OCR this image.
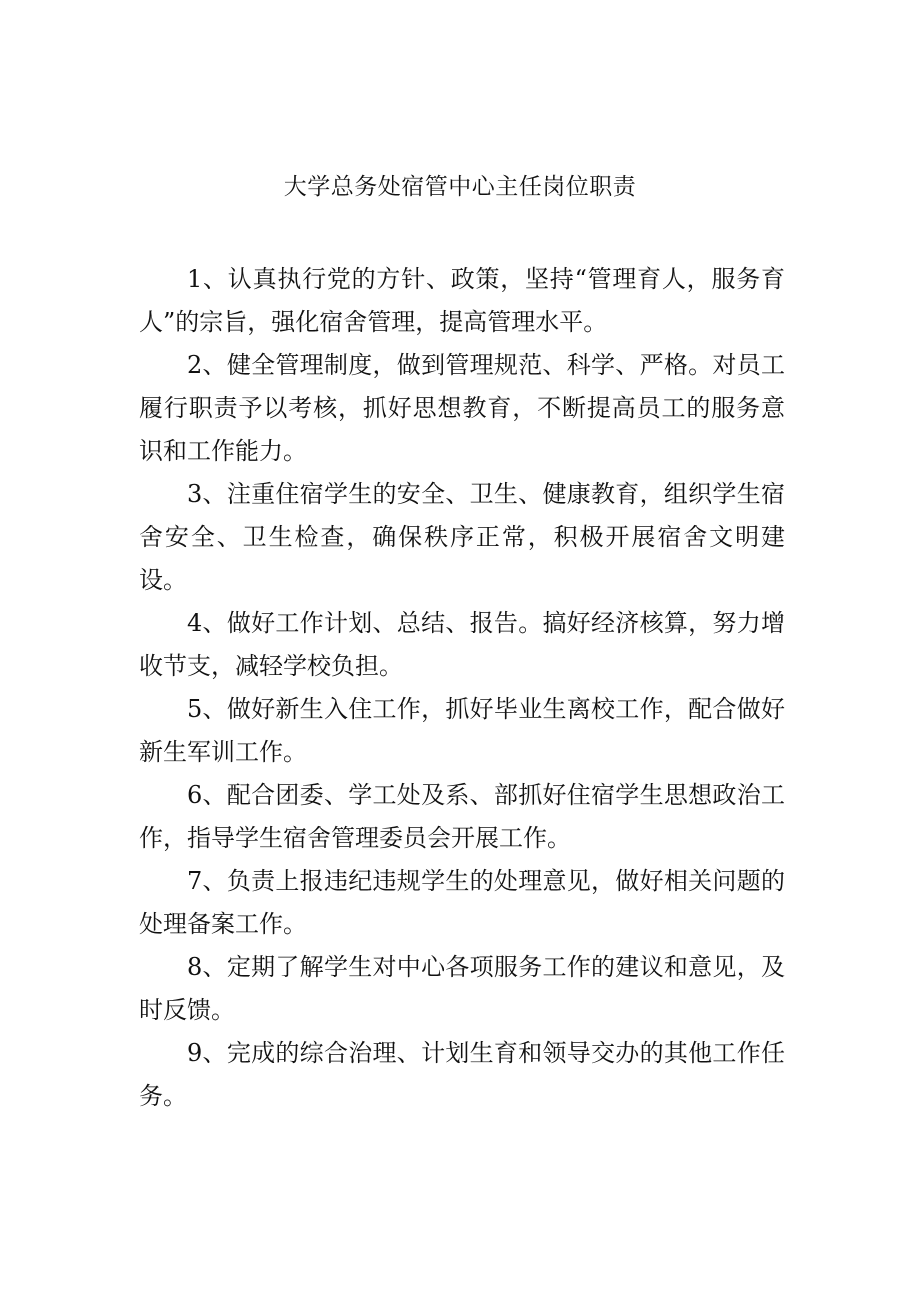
大学总务处宿管中心主任岗位职责

1、认真执行党的方针、政策，坚持“管理育人，服务育人”的宗旨，强化宿舍管理，提高管理水平。

2、健全管理制度，做到管理规范、科学、严格。对员工履行职责予以考核，抓好思想教育，不断提高员工的服务意识和工作能力。

3、注重住宿学生的安全、卫生、健康教育，组织学生宿舍安全、卫生检查，确保秩序正常，积极开展宿舍文明建设。

4、做好工作计划、总结、报告。搞好经济核算，努力增收节支，减轻学校负担。

5、做好新生入住工作，抓好毕业生离校工作，配合做好新生军训工作。

6、配合团委、学工处及系、部抓好住宿学生思想政治工作，指导学生宿舍管理委员会开展工作。

7、负责上报违纪违规学生的处理意见，做好相关问题的处理备案工作。

8、定期了解学生对中心各项服务工作的建议和意见，及时反馈。

9、完成的综合治理、计划生育和领导交办的其他工作任务。
